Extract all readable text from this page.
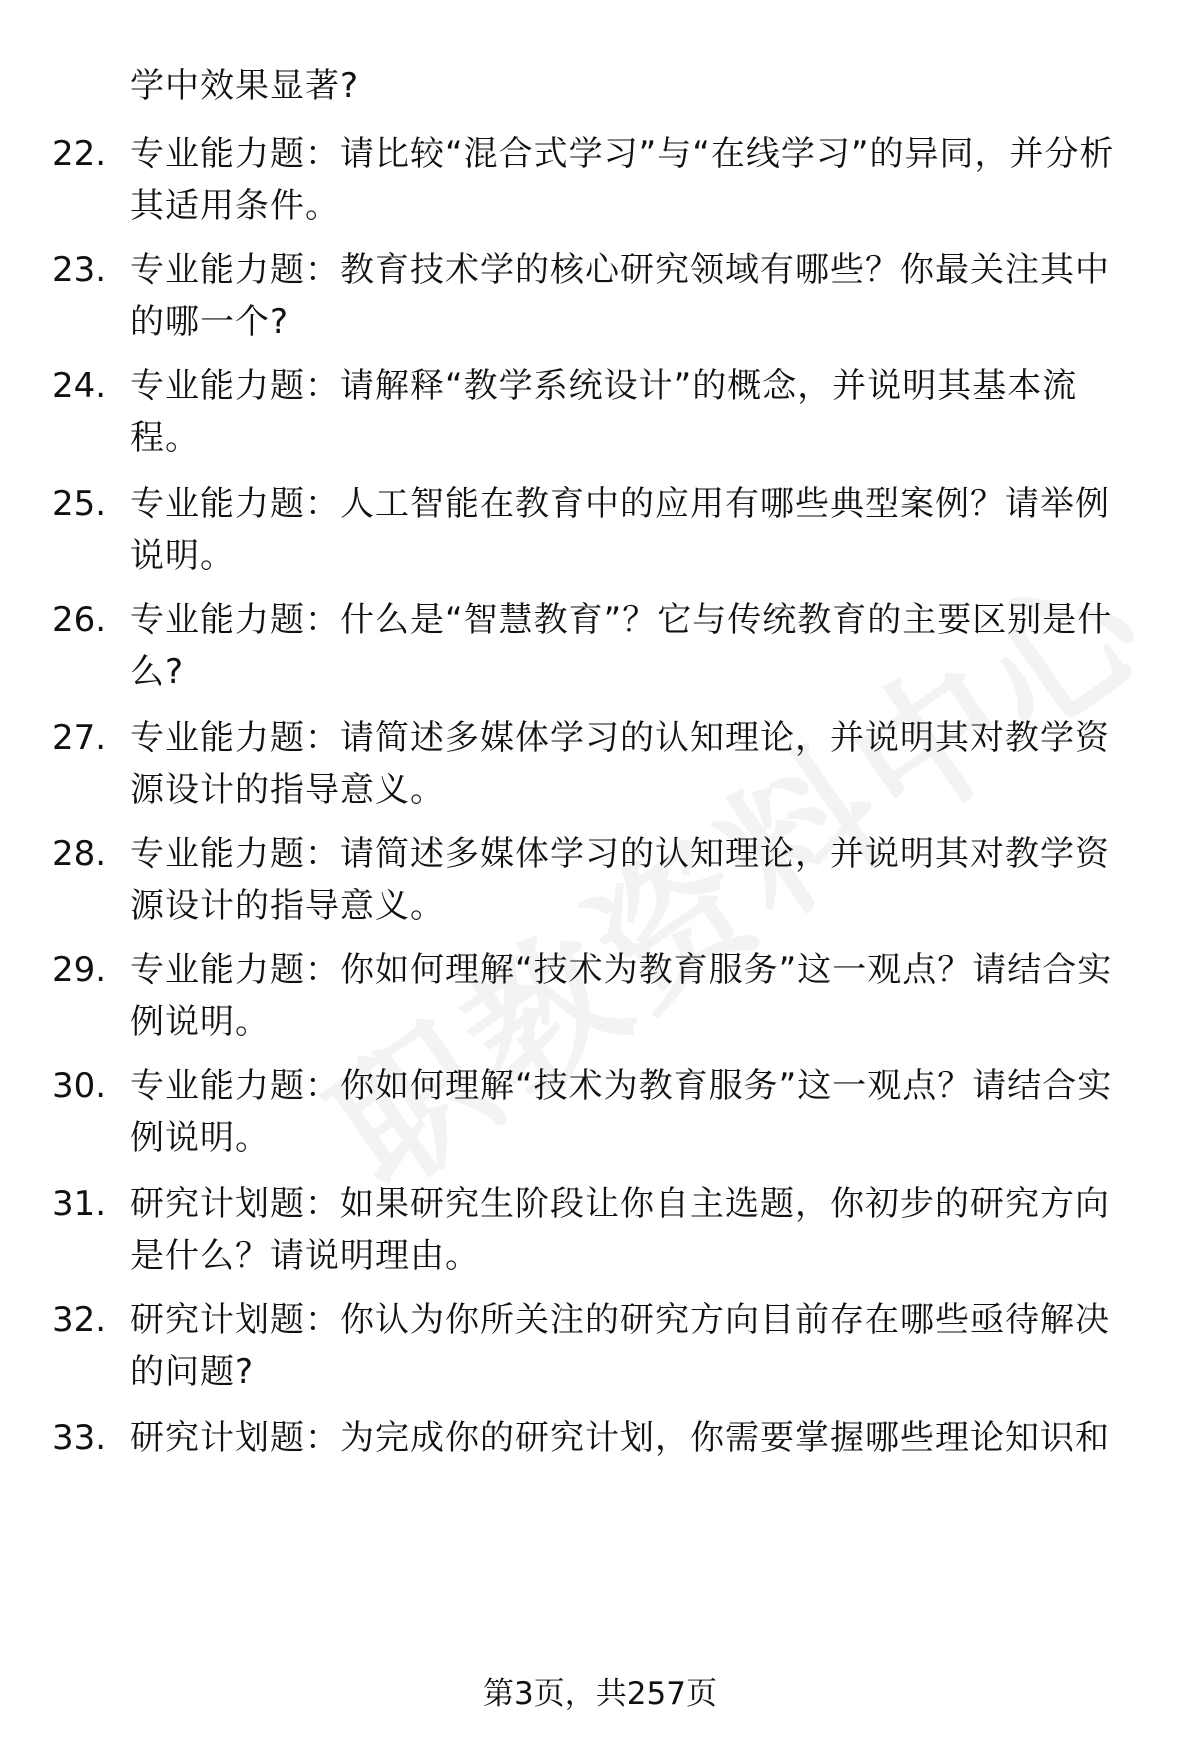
学中效果显著?
22. 专业能力题：请比较“混合式学习”与“在线学习”的异同，并分析其适用条件。
23. 专业能力题：教育技术学的核心研究领域有哪些？你最关注其中的哪一个?
24. 专业能力题：请解释“教学系统设计”的概念，并说明其基本流程。
25. 专业能力题：人工智能在教育中的应用有哪些典型案例？请举例说明。
26. 专业能力题：什么是“智慧教育”？它与传统教育的主要区别是什么?
27. 专业能力题：请简述多媒体学习的认知理论，并说明其对教学资源设计的指导意义。
28. 专业能力题：请简述多媒体学习的认知理论，并说明其对教学资源设计的指导意义。
29. 专业能力题：你如何理解“技术为教育服务”这一观点？请结合实例说明。
30. 专业能力题：你如何理解“技术为教育服务”这一观点？请结合实例说明。
31. 研究计划题：如果研究生阶段让你自主选题，你初步的研究方向是什么？请说明理由。
32. 研究计划题：你认为你所关注的研究方向目前存在哪些亟待解决的问题?
33. 研究计划题：为完成你的研究计划，你需要掌握哪些理论知识和
第3页，共257页
